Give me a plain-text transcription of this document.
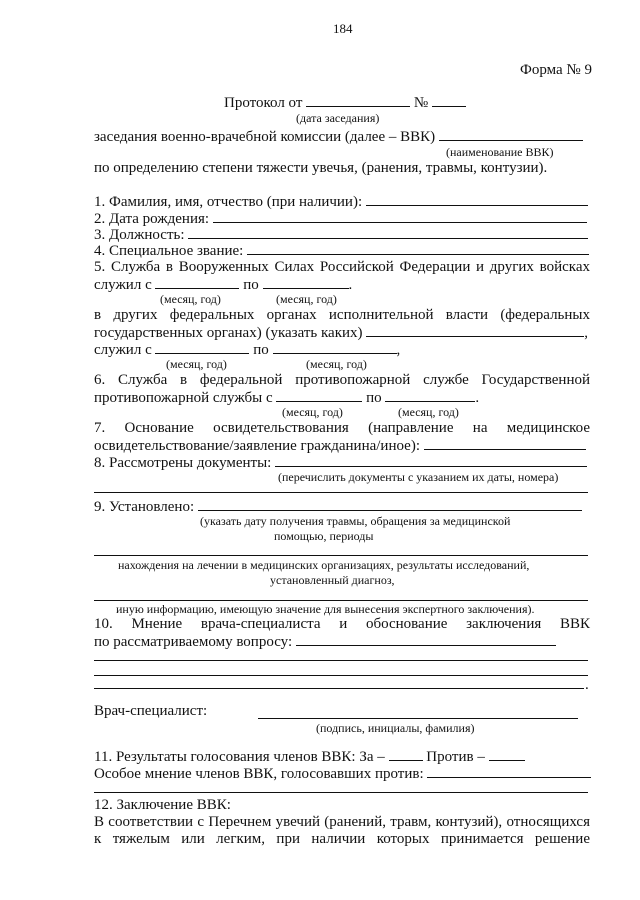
184
Форма № 9
Протокол от	№
(дата заседания)
заседания военно-врачебной комиссии (далее – ВВК)
(наименование ВВК)
по определению степени тяжести увечья, (ранения, травмы, контузии).
1. Фамилия, имя, отчество (при наличии):
2. Дата рождения:
3. Должность:
4. Специальное звание:
5. Служба в Вооруженных Силах Российской Федерации и других войсках
служил с	по	.
(месяц, год)	(месяц, год)
в других федеральных органах исполнительной власти (федеральных
государственных органах) (указать каких)	,
служил с	по	,
(месяц, год)	(месяц, год)
6. Служба в федеральной противопожарной службе Государственной
противопожарной службы с	по	.
(месяц, год)	(месяц, год)
7. Основание освидетельствования (направление на медицинское
освидетельствование/заявление гражданина/иное):
8. Рассмотрены документы:
(перечислить документы с указанием их даты, номера)
9. Установлено:
(указать дату получения травмы, обращения за медицинской
помощью, периоды
нахождения на лечении в медицинских организациях, результаты исследований,
установленный диагноз,
иную информацию, имеющую значение для вынесения экспертного заключения).
10. Мнение врача-специалиста и обоснование заключения ВВК
по рассматриваемому вопросу:
.
Врач-специалист:
(подпись, инициалы, фамилия)
11. Результаты голосования членов ВВК: За –	Против –
Особое мнение членов ВВК, голосовавших против:
12. Заключение ВВК:
В соответствии с Перечнем увечий (ранений, травм, контузий), относящихся
к тяжелым или легким, при наличии которых принимается решение
